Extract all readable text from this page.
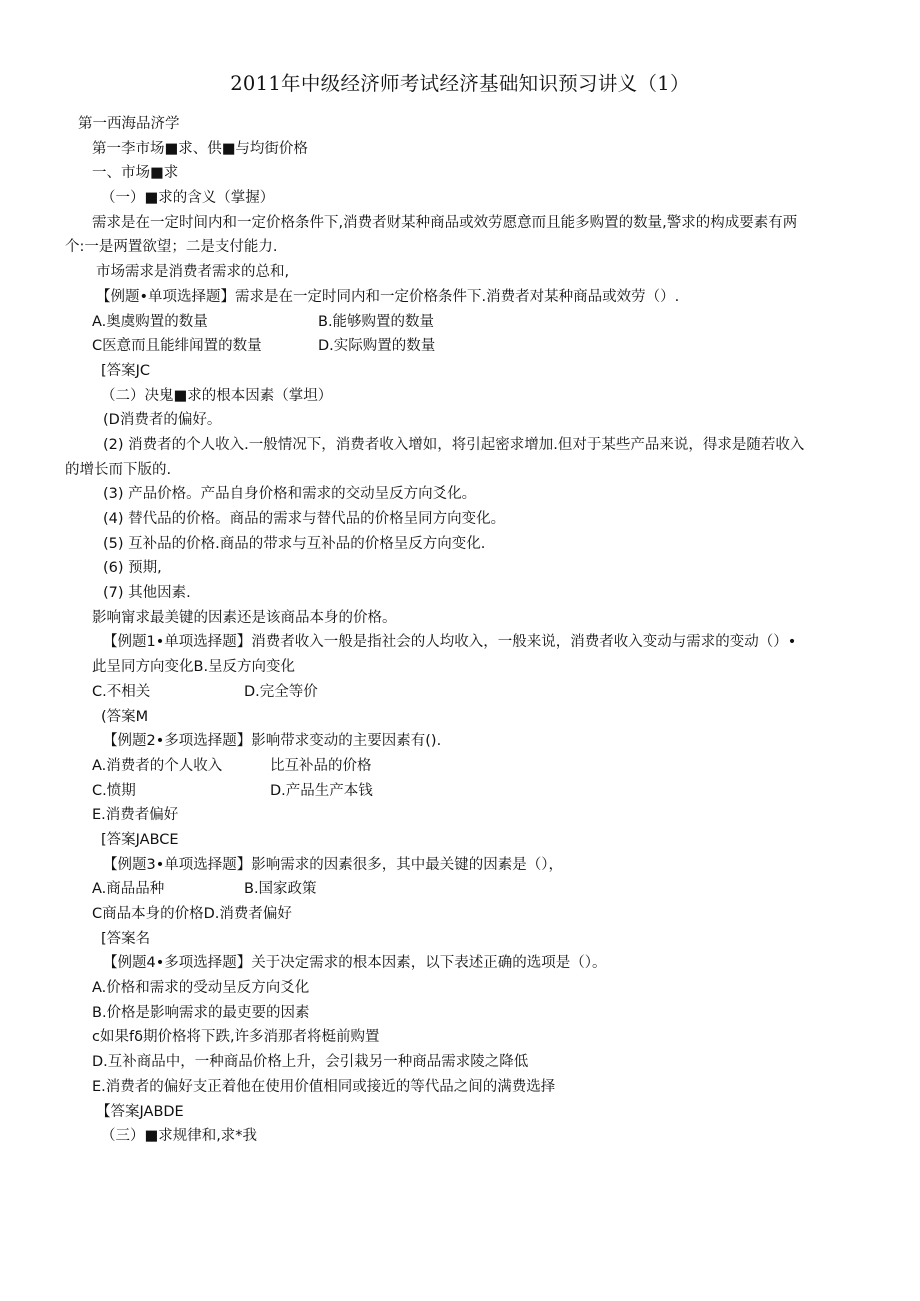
2011年中级经济师考试经济基础知识预习讲义（1）
第一西海品济学
第一李市场■求、供■与均街价格
一、市场■求
（一）■求的含义（掌握）
需求是在一定时间内和一定价格条件下,消费者财某种商品或效劳愿意而且能多购置的数量,警求的构成要素有两
个:一是两置欲望；二是支付能力.
市场需求是消费者需求的总和,
【例题•单项选择题】需求是在一定时同内和一定价格条件下.消费者对某种商品或效劳（）.
A.奥虞购置的数量	B.能够购置的数量
C医意而且能绯闻置的数量	D.实际购置的数量
[答案JC
（二）决鬼■求的根本因素（掌坦）
(D消费者的偏好。
(2) 消费者的个人收入.一般情况下，消费者收入增如，将引起密求增加.但对于某些产品来说，得求是随若收入
的增长而下版的.
(3) 产品价格。产品自身价格和需求的交动呈反方向爻化。
(4) 替代品的价格。商品的需求与替代品的价格呈同方向变化。
(5) 互补品的价格.商品的带求与互补品的价格呈反方向变化.
(6) 预期,
(7) 其他因素.
影响甯求最美键的因素还是该商品本身的价格。
【例题1•单项选择题】消费者收入一般是指社会的人均收入，一般来说，消费者收入变动与需求的变动（）•
此呈同方向变化B.呈反方向变化
C.不相关	D.完全等价
(答案M
【例题2•多项选择题】影响带求变动的主要因素有().
A.消费者的个人收入	比互补品的价格
C.愤期	D.产品生产本钱
E.消费者偏好
[答案JABCE
【例题3•单项选择题】影响需求的因素很多，其中最关键的因素是（），
A.商品品种	B.国家政策
C商品本身的价格D.消费者偏好
[答案名
【例题4•多项选择题】关于决定需求的根本因素，以下表述正确的选项是（）。
A.价格和需求的受动呈反方向爻化
B.价格是影响需求的最吏要的因素
c如果fδ期价格将下跌,许多消那者将梃前购置
D.互补商品中，一种商品价格上升，会引栽另一种商品需求陵之降低
E.消费者的偏好支正着他在使用价值相同或接近的等代品之间的满费选择
【答案JABDE
（三）■求规律和,求*我
